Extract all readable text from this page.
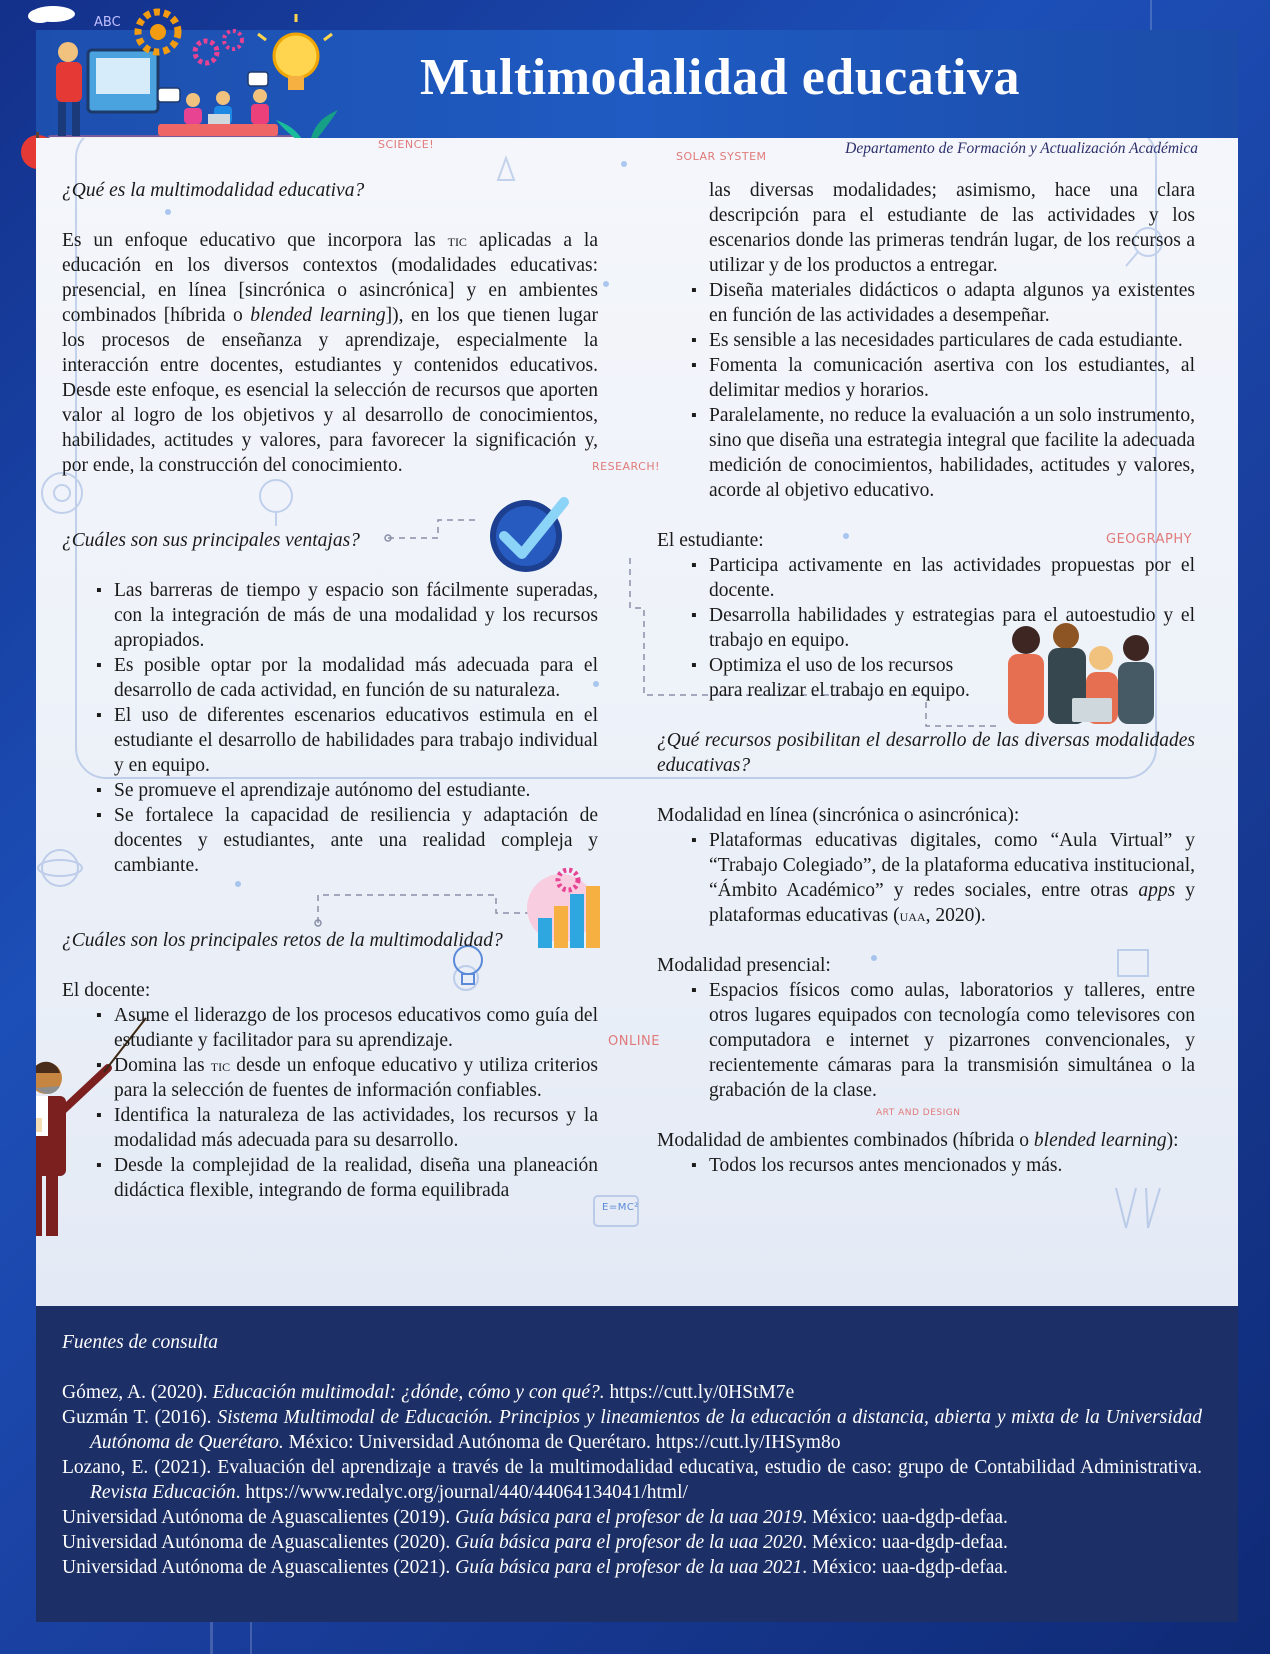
Multimodalidad educativa
ABC
Departamento de Formación y Actualización Académica
SCIENCE!
SOLAR SYSTEM
RESEARCH!
GEOGRAPHY
ONLINE
ART AND DESIGN
E=MC²

¿Qué es la multimodalidad educativa?

Es un enfoque educativo que incorpora las tic aplicadas a la educación en los diversos contextos (modalidades educativas: presencial, en línea [sincrónica o asincrónica] y en ambientes combinados [híbrida o blended learning]), en los que tienen lugar los procesos de enseñanza y aprendizaje, especialmente la interacción entre docentes, estudiantes y contenidos educativos. Desde este enfoque, es esencial la selección de recursos que aporten valor al logro de los objetivos y al desarrollo de conocimientos, habilidades, actitudes y valores, para favorecer la significación y, por ende, la construcción del conocimiento.

¿Cuáles son sus principales ventajas?

▪ Las barreras de tiempo y espacio son fácilmente superadas, con la integración de más de una modalidad y los recursos apropiados.
▪ Es posible optar por la modalidad más adecuada para el desarrollo de cada actividad, en función de su naturaleza.
▪ El uso de diferentes escenarios educativos estimula en el estudiante el desarrollo de habilidades para trabajo individual y en equipo.
▪ Se promueve el aprendizaje autónomo del estudiante.
▪ Se fortalece la capacidad de resiliencia y adaptación de docentes y estudiantes, ante una realidad compleja y cambiante.

¿Cuáles son los principales retos de la multimodalidad?

El docente:

▪ Asume el liderazgo de los procesos educativos como guía del estudiante y facilitador para su aprendizaje.
▪ Domina las tic desde un enfoque educativo y utiliza criterios para la selección de fuentes de información confiables.
▪ Identifica la naturaleza de las actividades, los recursos y la modalidad más adecuada para su desarrollo.
▪ Desde la complejidad de la realidad, diseña una planeación didáctica flexible, integrando de forma equilibrada

las diversas modalidades; asimismo, hace una clara descripción para el estudiante de las actividades y los escenarios donde las primeras tendrán lugar, de los recursos a utilizar y de los productos a entregar.

▪ Diseña materiales didácticos o adapta algunos ya existentes en función de las actividades a desempeñar.
▪ Es sensible a las necesidades particulares de cada estudiante.
▪ Fomenta la comunicación asertiva con los estudiantes, al delimitar medios y horarios.
▪ Paralelamente, no reduce la evaluación a un solo instrumento, sino que diseña una estrategia integral que facilite la adecuada medición de conocimientos, habilidades, actitudes y valores, acorde al objetivo educativo.

El estudiante:

▪ Participa activamente en las actividades propuestas por el docente.
▪ Desarrolla habilidades y estrategias para el autoestudio y el trabajo en equipo.
▪ Optimiza el uso de los recursos
para realizar el trabajo en equipo.

¿Qué recursos posibilitan el desarrollo de las diversas modalidades educativas?

Modalidad en línea (sincrónica o asincrónica):

▪ Plataformas educativas digitales, como “Aula Virtual” y “Trabajo Colegiado”, de la plataforma educativa institucional, “Ámbito Académico” y redes sociales, entre otras apps y plataformas educativas (uaa, 2020).

Modalidad presencial:

▪ Espacios físicos como aulas, laboratorios y talleres, entre otros lugares equipados con tecnología como televisores con computadora e internet y pizarrones convencionales, y recientemente cámaras para la transmisión simultánea o la grabación de la clase.

Modalidad de ambientes combinados (híbrida o blended learning):

▪ Todos los recursos antes mencionados y más.
Fuentes de consulta

Gómez, A. (2020). Educación multimodal: ¿dónde, cómo y con qué?. https://cutt.ly/0HStM7e

Guzmán T. (2016). Sistema Multimodal de Educación. Principios y lineamientos de la educación a distancia, abierta y mixta de la Universidad Autónoma de Querétaro. México: Universidad Autónoma de Querétaro. https://cutt.ly/IHSym8o

Lozano, E. (2021). Evaluación del aprendizaje a través de la multimodalidad educativa, estudio de caso: grupo de Contabilidad Administrativa. Revista Educación. https://www.redalyc.org/journal/440/44064134041/html/

Universidad Autónoma de Aguascalientes (2019). Guía básica para el profesor de la uaa 2019. México: uaa-dgdp-defaa.

Universidad Autónoma de Aguascalientes (2020). Guía básica para el profesor de la uaa 2020. México: uaa-dgdp-defaa.

Universidad Autónoma de Aguascalientes (2021). Guía básica para el profesor de la uaa 2021. México: uaa-dgdp-defaa.
